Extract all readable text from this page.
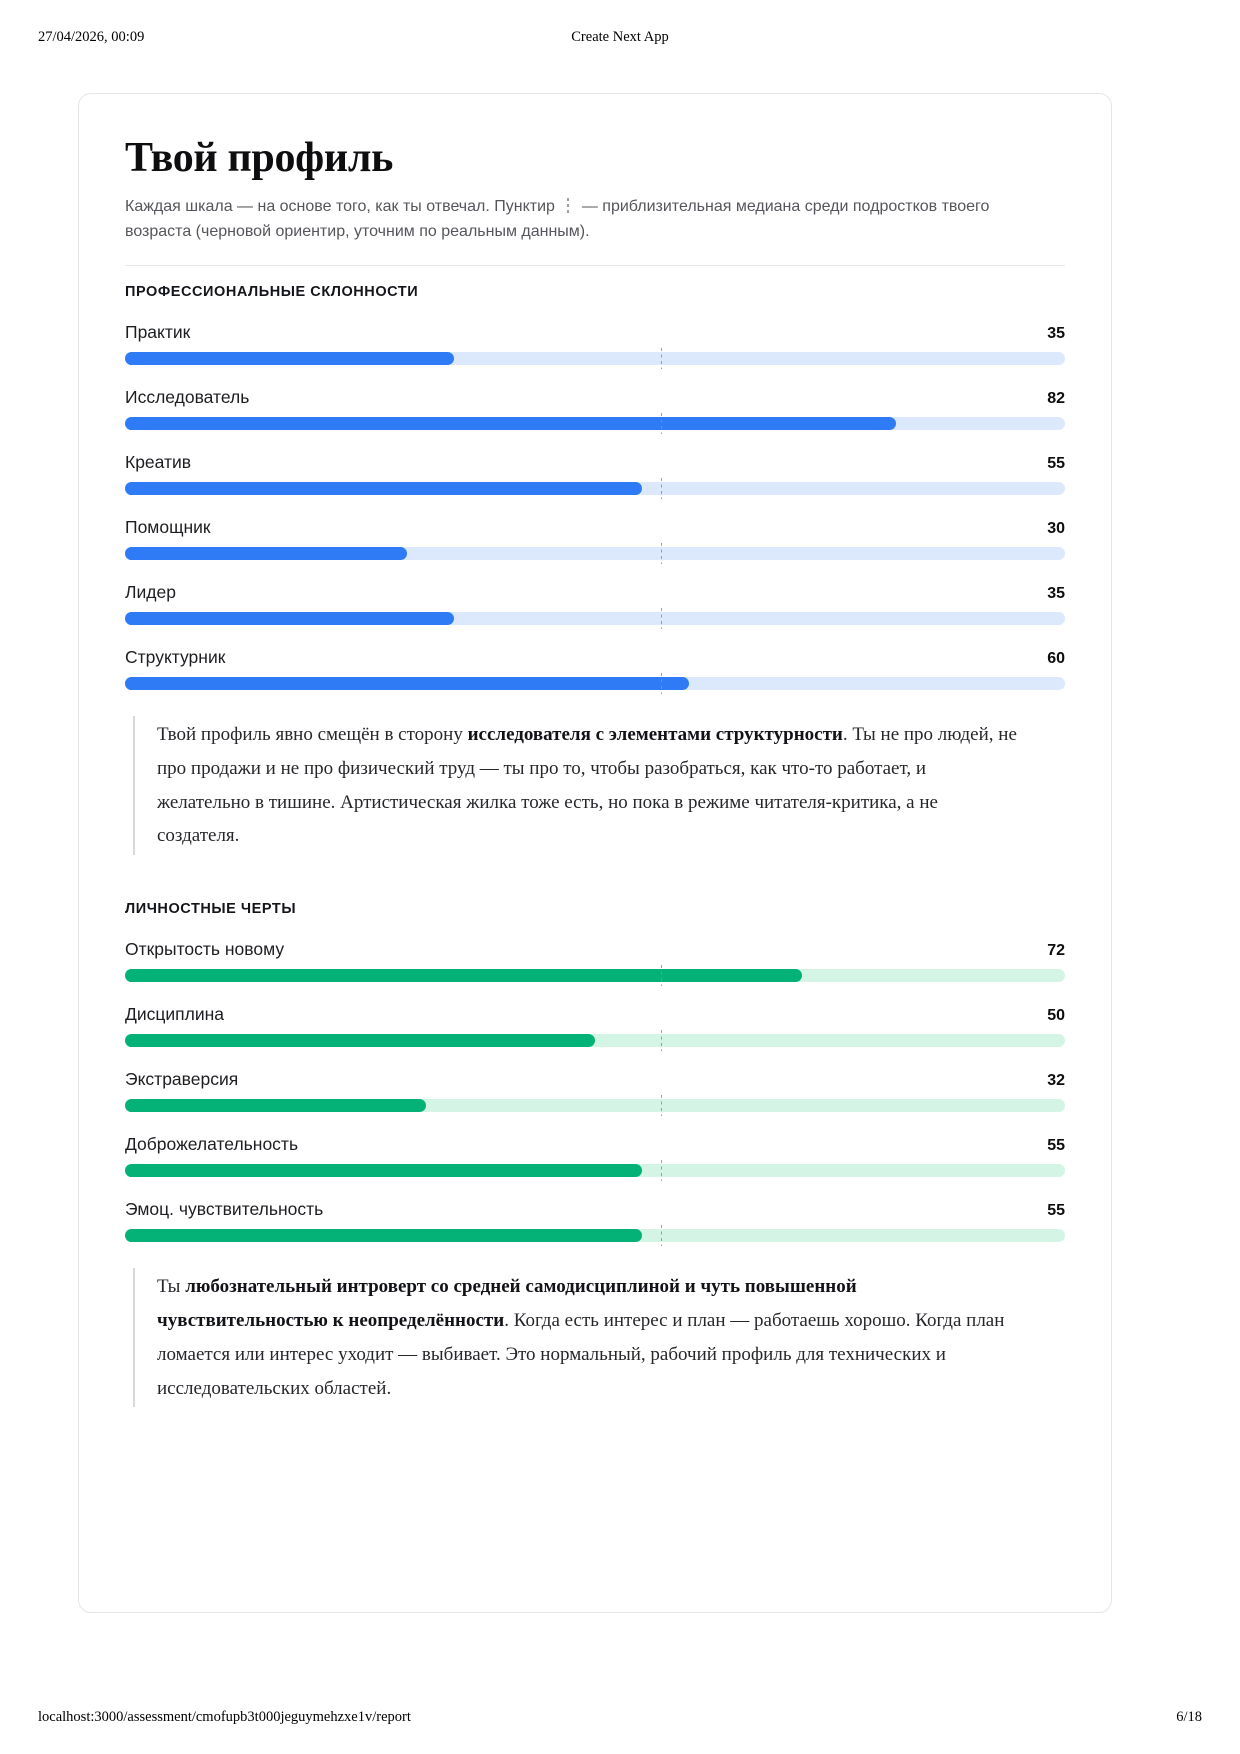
27/04/2026, 00:09	Create Next App
Твой профиль

Каждая шкала — на основе того, как ты отвечал. Пунктир — приблизительная медиана среди подростков твоего возраста (черновой ориентир, уточним по реальным данным).

ПРОФЕССИОНАЛЬНЫЕ СКЛОННОСТИ
Практик	35
Исследователь	82
Креатив	55
Помощник	30
Лидер	35
Структурник	60
Твой профиль явно смещён в сторону исследователя с элементами структурности. Ты не про людей, не про продажи и не про физический труд — ты про то, чтобы разобраться, как что-то работает, и желательно в тишине. Артистическая жилка тоже есть, но пока в режиме читателя-критика, а не создателя.
ЛИЧНОСТНЫЕ ЧЕРТЫ
Открытость новому	72
Дисциплина	50
Экстраверсия	32
Доброжелательность	55
Эмоц. чувствительность	55
Ты любознательный интроверт со средней самодисциплиной и чуть повышенной чувствительностью к неопределённости. Когда есть интерес и план — работаешь хорошо. Когда план ломается или интерес уходит — выбивает. Это нормальный, рабочий профиль для технических и исследовательских областей.
localhost:3000/assessment/cmofupb3t000jeguymehzxe1v/report	6/18
